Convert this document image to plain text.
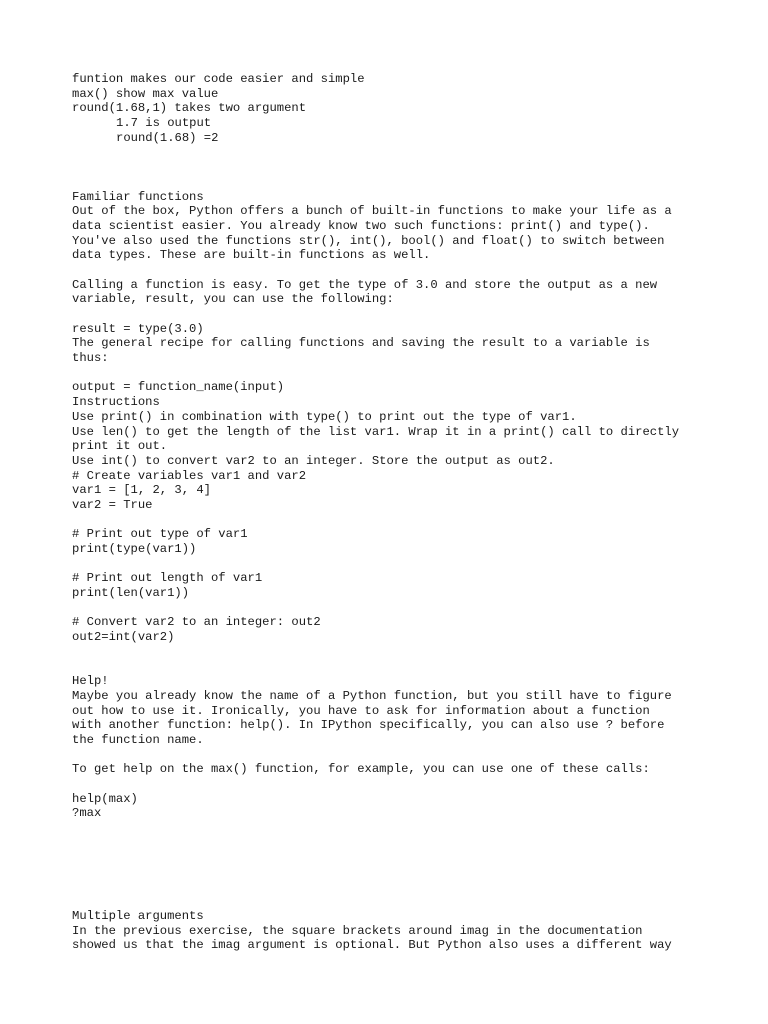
funtion makes our code easier and simple
max() show max value
round(1.68,1) takes two argument
1.7 is output
round(1.68) =2
Familiar functions
Out of the box, Python offers a bunch of built-in functions to make your life as a
data scientist easier. You already know two such functions: print() and type().
You've also used the functions str(), int(), bool() and float() to switch between
data types. These are built-in functions as well.
Calling a function is easy. To get the type of 3.0 and store the output as a new
variable, result, you can use the following:
result = type(3.0)
The general recipe for calling functions and saving the result to a variable is
thus:
output = function_name(input)
Instructions
Use print() in combination with type() to print out the type of var1.
Use len() to get the length of the list var1. Wrap it in a print() call to directly
print it out.
Use int() to convert var2 to an integer. Store the output as out2.
# Create variables var1 and var2
var1 = [1, 2, 3, 4]
var2 = True
# Print out type of var1
print(type(var1))
# Print out length of var1
print(len(var1))
# Convert var2 to an integer: out2
out2=int(var2)
Help!
Maybe you already know the name of a Python function, but you still have to figure
out how to use it. Ironically, you have to ask for information about a function
with another function: help(). In IPython specifically, you can also use ? before
the function name.
To get help on the max() function, for example, you can use one of these calls:
help(max)
?max
Multiple arguments
In the previous exercise, the square brackets around imag in the documentation
showed us that the imag argument is optional. But Python also uses a different way
